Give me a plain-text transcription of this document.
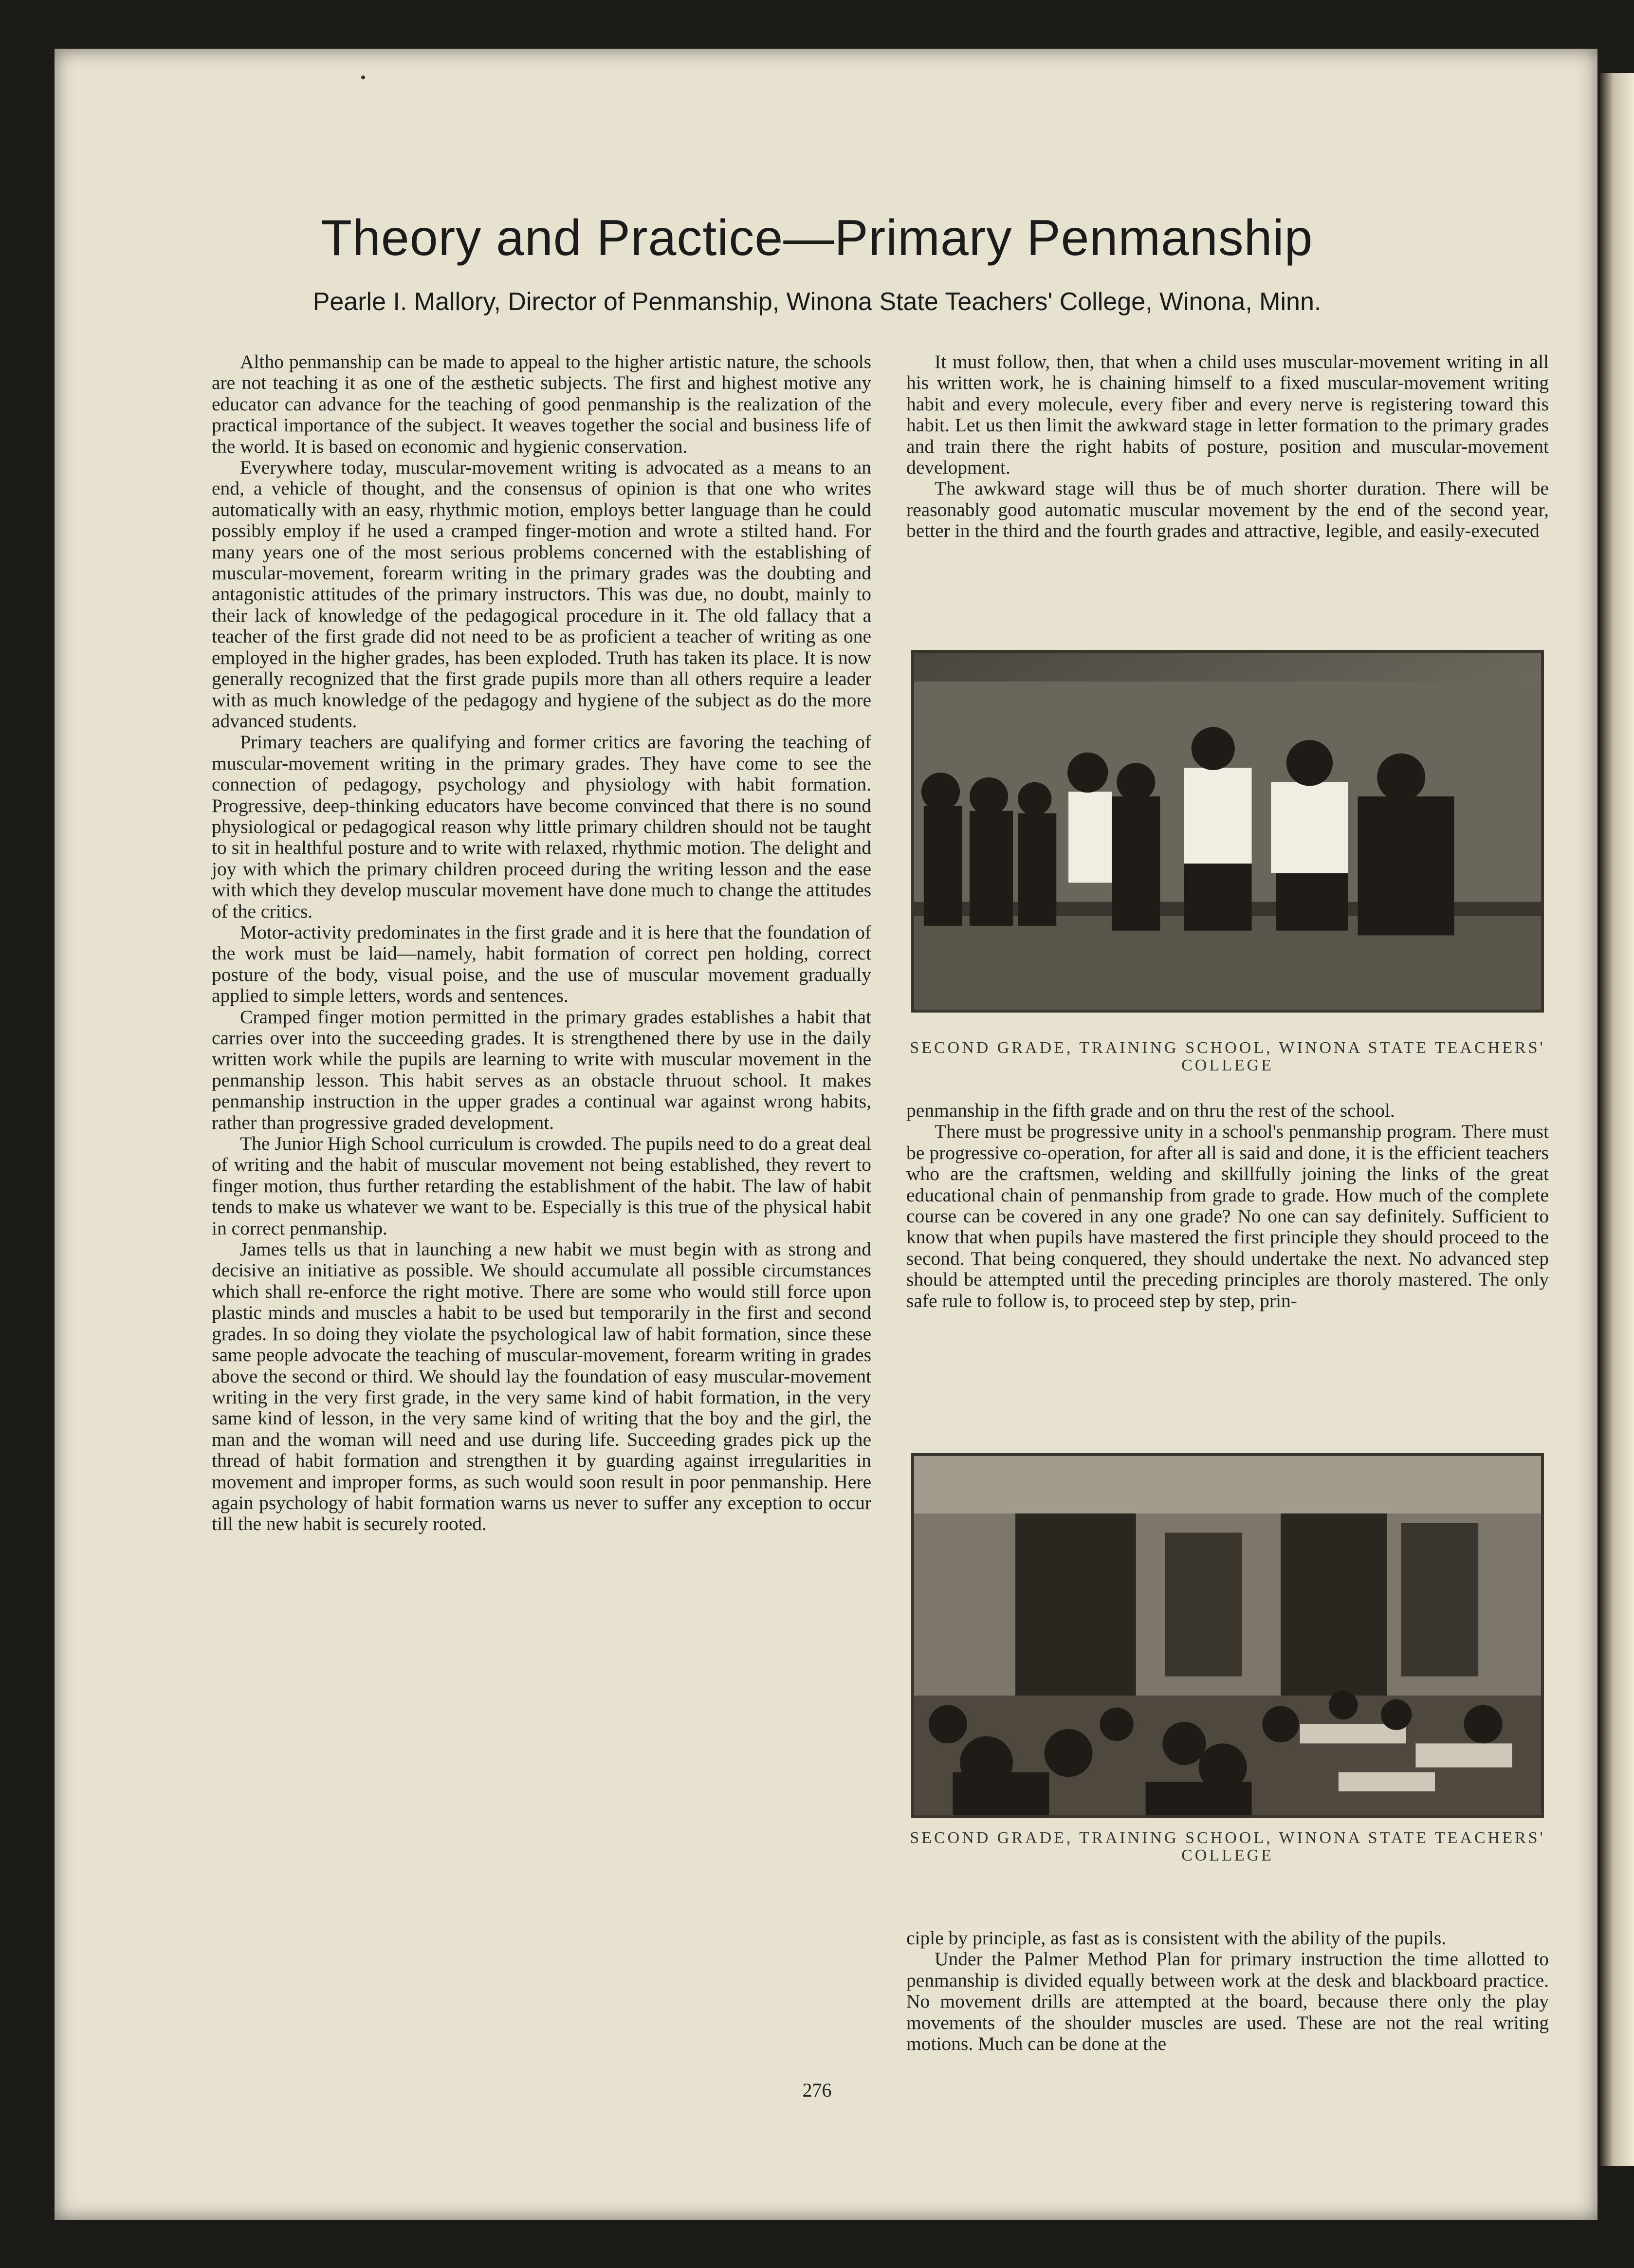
Theory and Practice—Primary Penmanship
Pearle I. Mallory, Director of Penmanship, Winona State Teachers' College, Winona, Minn.

Altho penmanship can be made to appeal to the higher artistic nature, the schools are not teaching it as one of the æsthetic subjects. The first and highest motive any educator can advance for the teaching of good penmanship is the realization of the practical importance of the subject. It weaves together the social and business life of the world. It is based on economic and hygienic conservation.

Everywhere today, muscular-movement writing is advocated as a means to an end, a vehicle of thought, and the consensus of opinion is that one who writes automatically with an easy, rhythmic motion, employs better language than he could possibly employ if he used a cramped finger-motion and wrote a stilted hand. For many years one of the most serious problems concerned with the establishing of muscular-movement, forearm writing in the primary grades was the doubting and antagonistic attitudes of the primary instructors. This was due, no doubt, mainly to their lack of knowledge of the pedagogical procedure in it. The old fallacy that a teacher of the first grade did not need to be as proficient a teacher of writing as one employed in the higher grades, has been exploded. Truth has taken its place. It is now generally recognized that the first grade pupils more than all others require a leader with as much knowledge of the pedagogy and hygiene of the subject as do the more advanced students.

Primary teachers are qualifying and former critics are favoring the teaching of muscular-movement writing in the primary grades. They have come to see the connection of pedagogy, psychology and physiology with habit formation. Progressive, deep-thinking educators have become convinced that there is no sound physiological or pedagogical reason why little primary children should not be taught to sit in healthful posture and to write with relaxed, rhythmic motion. The delight and joy with which the primary children proceed during the writing lesson and the ease with which they develop muscular movement have done much to change the attitudes of the critics.

Motor-activity predominates in the first grade and it is here that the foundation of the work must be laid—namely, habit formation of correct pen holding, correct posture of the body, visual poise, and the use of muscular movement gradually applied to simple letters, words and sentences.

Cramped finger motion permitted in the primary grades establishes a habit that carries over into the succeeding grades. It is strengthened there by use in the daily written work while the pupils are learning to write with muscular movement in the penmanship lesson. This habit serves as an obstacle thruout school. It makes penmanship instruction in the upper grades a continual war against wrong habits, rather than progressive graded development.

The Junior High School curriculum is crowded. The pupils need to do a great deal of writing and the habit of muscular movement not being established, they revert to finger motion, thus further retarding the establishment of the habit. The law of habit tends to make us whatever we want to be. Especially is this true of the physical habit in correct penmanship.

James tells us that in launching a new habit we must begin with as strong and decisive an initiative as possible. We should accumulate all possible circumstances which shall re-enforce the right motive. There are some who would still force upon plastic minds and muscles a habit to be used but temporarily in the first and second grades. In so doing they violate the psychological law of habit formation, since these same people advocate the teaching of muscular-movement, forearm writing in grades above the second or third. We should lay the foundation of easy muscular-movement writing in the very first grade, in the very same kind of habit formation, in the very same kind of lesson, in the very same kind of writing that the boy and the girl, the man and the woman will need and use during life. Succeeding grades pick up the thread of habit formation and strengthen it by guarding against irregularities in movement and improper forms, as such would soon result in poor penmanship. Here again psychology of habit formation warns us never to suffer any exception to occur till the new habit is securely rooted.

It must follow, then, that when a child uses muscular-movement writing in all his written work, he is chaining himself to a fixed muscular-movement writing habit and every molecule, every fiber and every nerve is registering toward this habit. Let us then limit the awkward stage in letter formation to the primary grades and train there the right habits of posture, position and muscular-movement development.

The awkward stage will thus be of much shorter duration. There will be reasonably good automatic muscular movement by the end of the second year, better in the third and the fourth grades and attractive, legible, and easily-executed

SECOND GRADE, TRAINING SCHOOL, WINONA STATE TEACHERS' COLLEGE

penmanship in the fifth grade and on thru the rest of the school.

There must be progressive unity in a school's penmanship program. There must be progressive co-operation, for after all is said and done, it is the efficient teachers who are the craftsmen, welding and skillfully joining the links of the great educational chain of penmanship from grade to grade. How much of the complete course can be covered in any one grade? No one can say definitely. Sufficient to know that when pupils have mastered the first principle they should proceed to the second. That being conquered, they should undertake the next. No advanced step should be attempted until the preceding principles are thoroly mastered. The only safe rule to follow is, to proceed step by step, prin-

SECOND GRADE, TRAINING SCHOOL, WINONA STATE TEACHERS' COLLEGE

ciple by principle, as fast as is consistent with the ability of the pupils.

Under the Palmer Method Plan for primary instruction the time allotted to penmanship is divided equally between work at the desk and blackboard practice. No movement drills are attempted at the board, because there only the play movements of the shoulder muscles are used. These are not the real writing motions. Much can be done at the

276
